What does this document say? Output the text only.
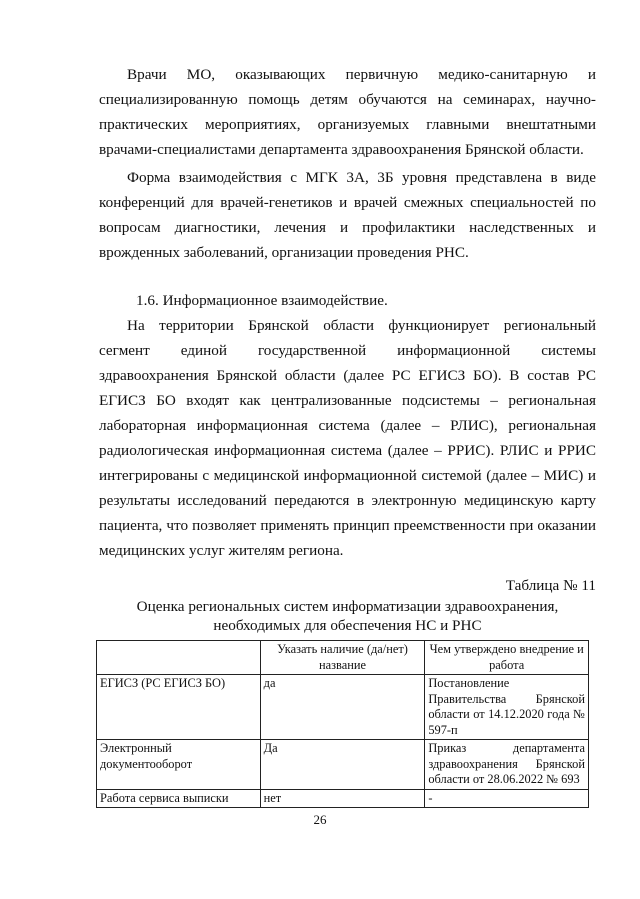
Врачи МО, оказывающих первичную медико-санитарную и специализированную помощь детям обучаются на семинарах, научно-практических мероприятиях, организуемых главными внештатными врачами-специалистами департамента здравоохранения Брянской области.
Форма взаимодействия с МГК 3А, 3Б уровня представлена в виде конференций для врачей-генетиков и врачей смежных специальностей по вопросам диагностики, лечения и профилактики наследственных и врожденных заболеваний, организации проведения РНС.
1.6. Информационное взаимодействие.
На территории Брянской области функционирует региональный сегмент единой государственной информационной системы здравоохранения Брянской области (далее РС ЕГИСЗ БО). В состав РС ЕГИСЗ БО входят как централизованные подсистемы – региональная лабораторная информационная система (далее – РЛИС), региональная радиологическая информационная система (далее – РРИС). РЛИС и РРИС интегрированы с медицинской информационной системой (далее – МИС) и результаты исследований передаются в электронную медицинскую карту пациента, что позволяет применять принцип преемственности при оказании медицинских услуг жителям региона.
Таблица № 11
Оценка региональных систем информатизации здравоохранения, необходимых для обеспечения НС и РНС
	Указать наличие (да/нет) название	Чем утверждено внедрение и работа
ЕГИСЗ (РС ЕГИСЗ БО)	да	Постановление Правительства Брянской области от 14.12.2020 года № 597-п
Электронный документооборот	Да	Приказ департамента здравоохранения Брянской области от 28.06.2022 № 693
Работа сервиса выписки	нет	-
26
